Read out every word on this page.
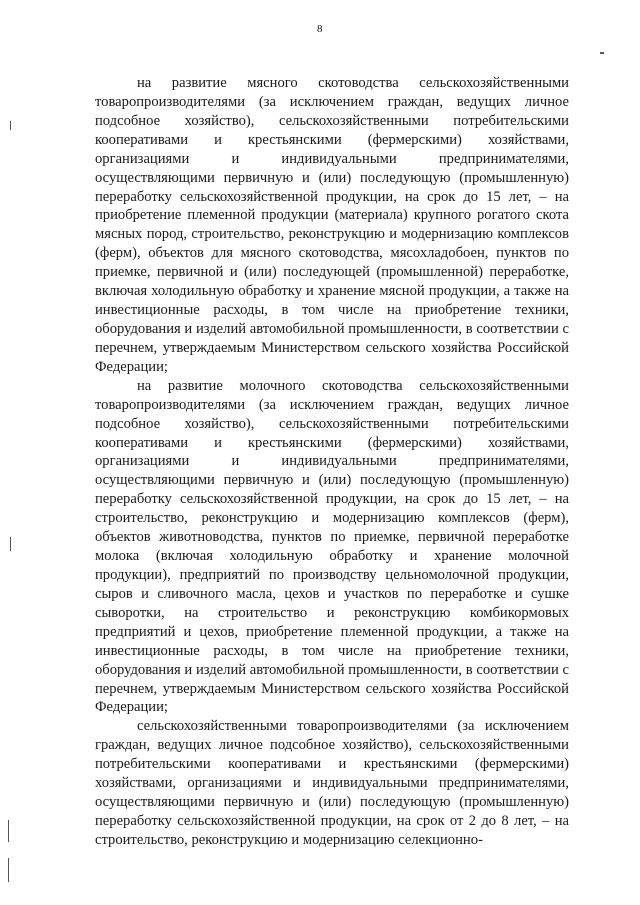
8

на развитие мясного скотоводства сельскохозяйственными товаропроизводителями (за исключением граждан, ведущих личное подсобное хозяйство), сельскохозяйственными потребительскими кооперативами и крестьянскими (фермерскими) хозяйствами, организациями и индивидуальными предпринимателями, осуществляющими первичную и (или) последующую (промышленную) переработку сельскохозяйственной продукции, на срок до 15 лет, – на приобретение племенной продукции (материала) крупного рогатого скота мясных пород, строительство, реконструкцию и модернизацию комплексов (ферм), объектов для мясного скотоводства, мясохладобоен, пунктов по приемке, первичной и (или) последующей (промышленной) переработке, включая холодильную обработку и хранение мясной продукции, а также на инвестиционные расходы, в том числе на приобретение техники, оборудования и изделий автомобильной промышленности, в соответствии с перечнем, утверждаемым Министерством сельского хозяйства Российской Федерации;

на развитие молочного скотоводства сельскохозяйственными товаропроизводителями (за исключением граждан, ведущих личное подсобное хозяйство), сельскохозяйственными потребительскими кооперативами и крестьянскими (фермерскими) хозяйствами, организациями и индивидуальными предпринимателями, осуществляющими первичную и (или) последующую (промышленную) переработку сельскохозяйственной продукции, на срок до 15 лет, – на строительство, реконструкцию и модернизацию комплексов (ферм), объектов животноводства, пунктов по приемке, первичной переработке молока (включая холодильную обработку и хранение молочной продукции), предприятий по производству цельномолочной продукции, сыров и сливочного масла, цехов и участков по переработке и сушке сыворотки, на строительство и реконструкцию комбикормовых предприятий и цехов, приобретение племенной продукции, а также на инвестиционные расходы, в том числе на приобретение техники, оборудования и изделий автомобильной промышленности, в соответствии с перечнем, утверждаемым Министерством сельского хозяйства Российской Федерации;

сельскохозяйственными товаропроизводителями (за исключением граждан, ведущих личное подсобное хозяйство), сельскохозяйственными потребительскими кооперативами и крестьянскими (фермерскими) хозяйствами, организациями и индивидуальными предпринимателями, осуществляющими первичную и (или) последующую (промышленную) переработку сельскохозяйственной продукции, на срок от 2 до 8 лет, – на строительство, реконструкцию и модернизацию селекционно-
